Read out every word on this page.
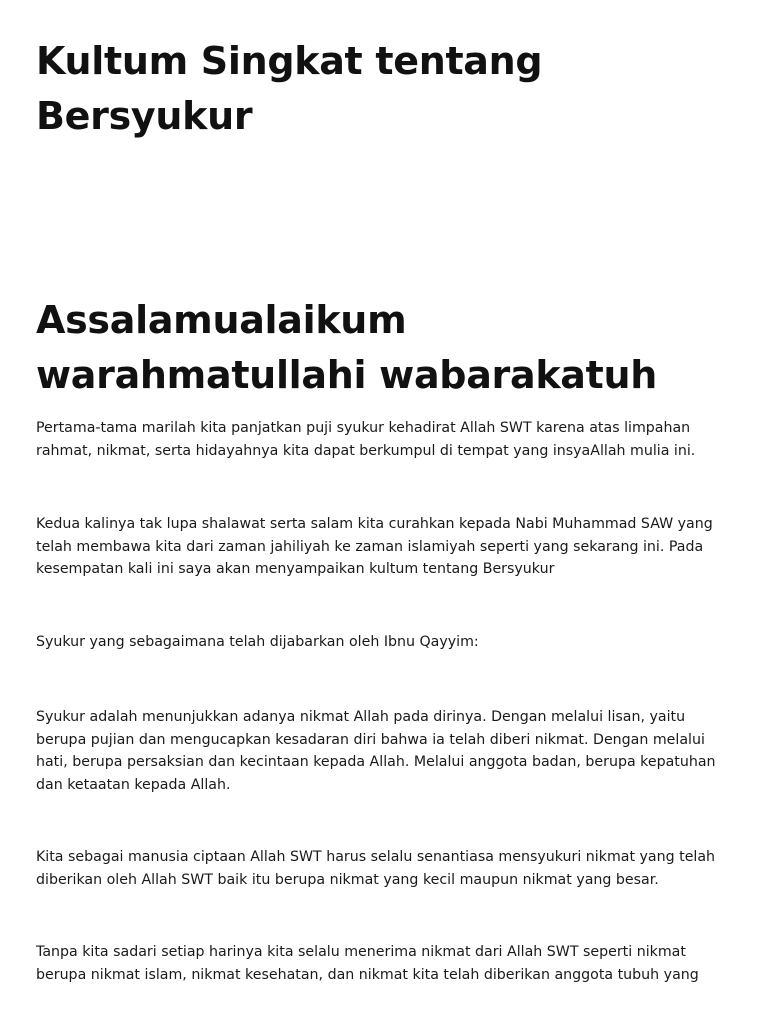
Kultum Singkat tentang Bersyukur
Assalamualaikum warahmatullahi wabarakatuh

Pertama-tama marilah kita panjatkan puji syukur kehadirat Allah SWT karena atas limpahan rahmat, nikmat, serta hidayahnya kita dapat berkumpul di tempat yang insyaAllah mulia ini.

Kedua kalinya tak lupa shalawat serta salam kita curahkan kepada Nabi Muhammad SAW yang telah membawa kita dari zaman jahiliyah ke zaman islamiyah seperti yang sekarang ini. Pada kesempatan kali ini saya akan menyampaikan kultum tentang Bersyukur

Syukur yang sebagaimana telah dijabarkan oleh Ibnu Qayyim:

Syukur adalah menunjukkan adanya nikmat Allah pada dirinya. Dengan melalui lisan, yaitu berupa pujian dan mengucapkan kesadaran diri bahwa ia telah diberi nikmat. Dengan melalui hati, berupa persaksian dan kecintaan kepada Allah. Melalui anggota badan, berupa kepatuhan dan ketaatan kepada Allah.

Kita sebagai manusia ciptaan Allah SWT harus selalu senantiasa mensyukuri nikmat yang telah diberikan oleh Allah SWT baik itu berupa nikmat yang kecil maupun nikmat yang besar.

Tanpa kita sadari setiap harinya kita selalu menerima nikmat dari Allah SWT seperti nikmat berupa nikmat islam, nikmat kesehatan, dan nikmat kita telah diberikan anggota tubuh yang
